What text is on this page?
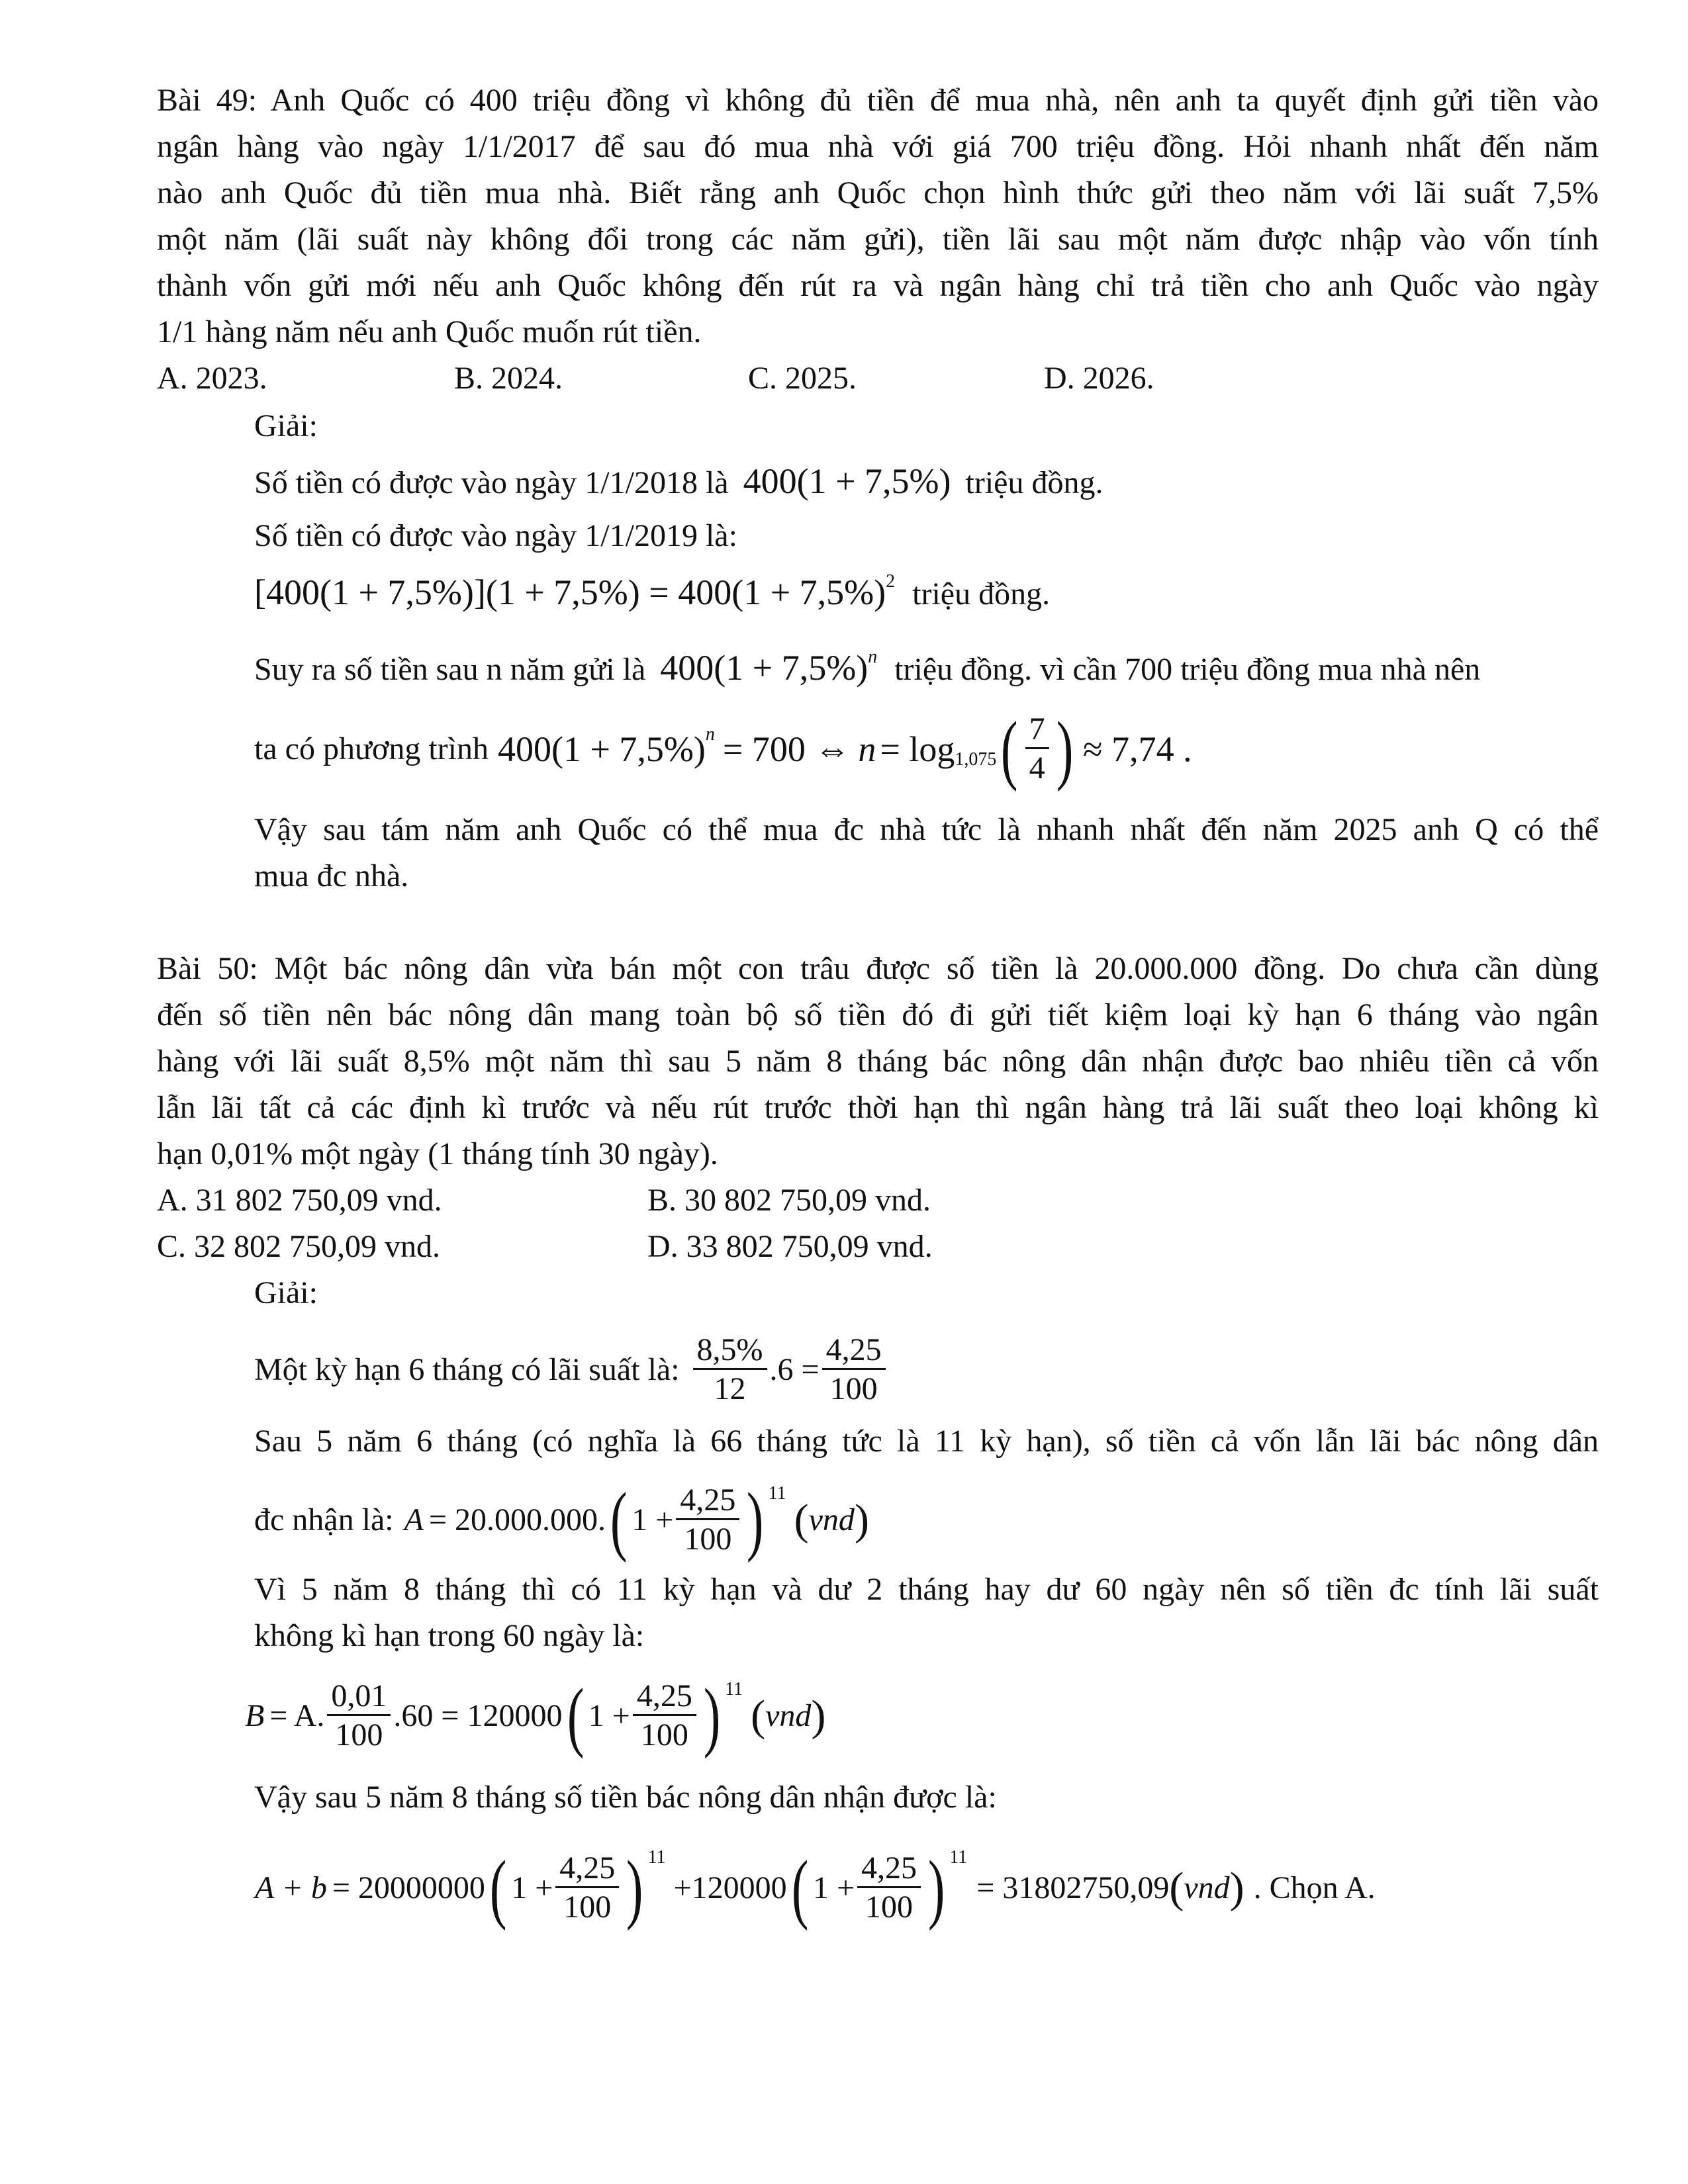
Bài 49: Anh Quốc có 400 triệu đồng vì không đủ tiền để mua nhà, nên anh ta quyết định gửi tiền vào
ngân hàng vào ngày 1/1/2017 để sau đó mua nhà với giá 700 triệu đồng. Hỏi nhanh nhất đến năm
nào anh Quốc đủ tiền mua nhà. Biết rằng anh Quốc chọn hình thức gửi theo năm với lãi suất 7,5%
một năm (lãi suất này không đổi trong các năm gửi), tiền lãi sau một năm được nhập vào vốn tính
thành vốn gửi mới nếu anh Quốc không đến rút ra và ngân hàng chỉ trả tiền cho anh Quốc vào ngày
1/1 hàng năm nếu anh Quốc muốn rút tiền.
A. 2023.	B. 2024.	C. 2025.	D. 2026.
Giải:
Số tiền có được vào ngày 1/1/2018 là 400(1 + 7,5%) triệu đồng.
Số tiền có được vào ngày 1/1/2019 là:
$[400(1 + 7,5\%)](1 + 7,5\%) = 400(1 + 7,5\%)^2$ triệu đồng.
Suy ra số tiền sau n năm gửi là $400(1 + 7,5\%)^n$ triệu đồng. vì cần 700 triệu đồng mua nhà nên
ta có phương trình 400(1 + 7,5%) n = 700 ⇔ n = log 1,075 ( $\frac{7}{4}$ ) ≈ 7,74 .
Vậy sau tám năm anh Quốc có thể mua đc nhà tức là nhanh nhất đến năm 2025 anh Q có thể
mua đc nhà.
Bài 50: Một bác nông dân vừa bán một con trâu được số tiền là 20.000.000 đồng. Do chưa cần dùng
đến số tiền nên bác nông dân mang toàn bộ số tiền đó đi gửi tiết kiệm loại kỳ hạn 6 tháng vào ngân
hàng với lãi suất 8,5% một năm thì sau 5 năm 8 tháng bác nông dân nhận được bao nhiêu tiền cả vốn
lẫn lãi tất cả các định kì trước và nếu rút trước thời hạn thì ngân hàng trả lãi suất theo loại không kì
hạn 0,01% một ngày (1 tháng tính 30 ngày).
A. 31 802 750,09 vnd.	B. 30 802 750,09 vnd.
C. 32 802 750,09 vnd.	D. 33 802 750,09 vnd.
Giải:
Một kỳ hạn 6 tháng có lãi suất là: $\frac{8,5\%}{12} .6 = \frac{4,25}{100}$
Sau 5 năm 6 tháng (có nghĩa là 66 tháng tức là 11 kỳ hạn), số tiền cả vốn lẫn lãi bác nông dân
đc nhận là: A = 20.000.000. ( $1 + \frac{4,25}{100}$ ) 11
( vnd )
Vì 5 năm 8 tháng thì có 11 kỳ hạn và dư 2 tháng hay dư 60 ngày nên số tiền đc tính lãi suất
không kì hạn trong 60 ngày là:
B = A. $\frac{0,01}{100} .60 = 120000$ ( $1 + \frac{4,25}{100}$ ) 11
( vnd )
Vậy sau 5 năm 8 tháng số tiền bác nông dân nhận được là:
A + b = 20000000 ( $1 + \frac{4,25}{100}$ ) 11
+120000 ( $1 + \frac{4,25}{100}$ ) 11
= 31802750,09 ( vnd ) . Chọn A.
